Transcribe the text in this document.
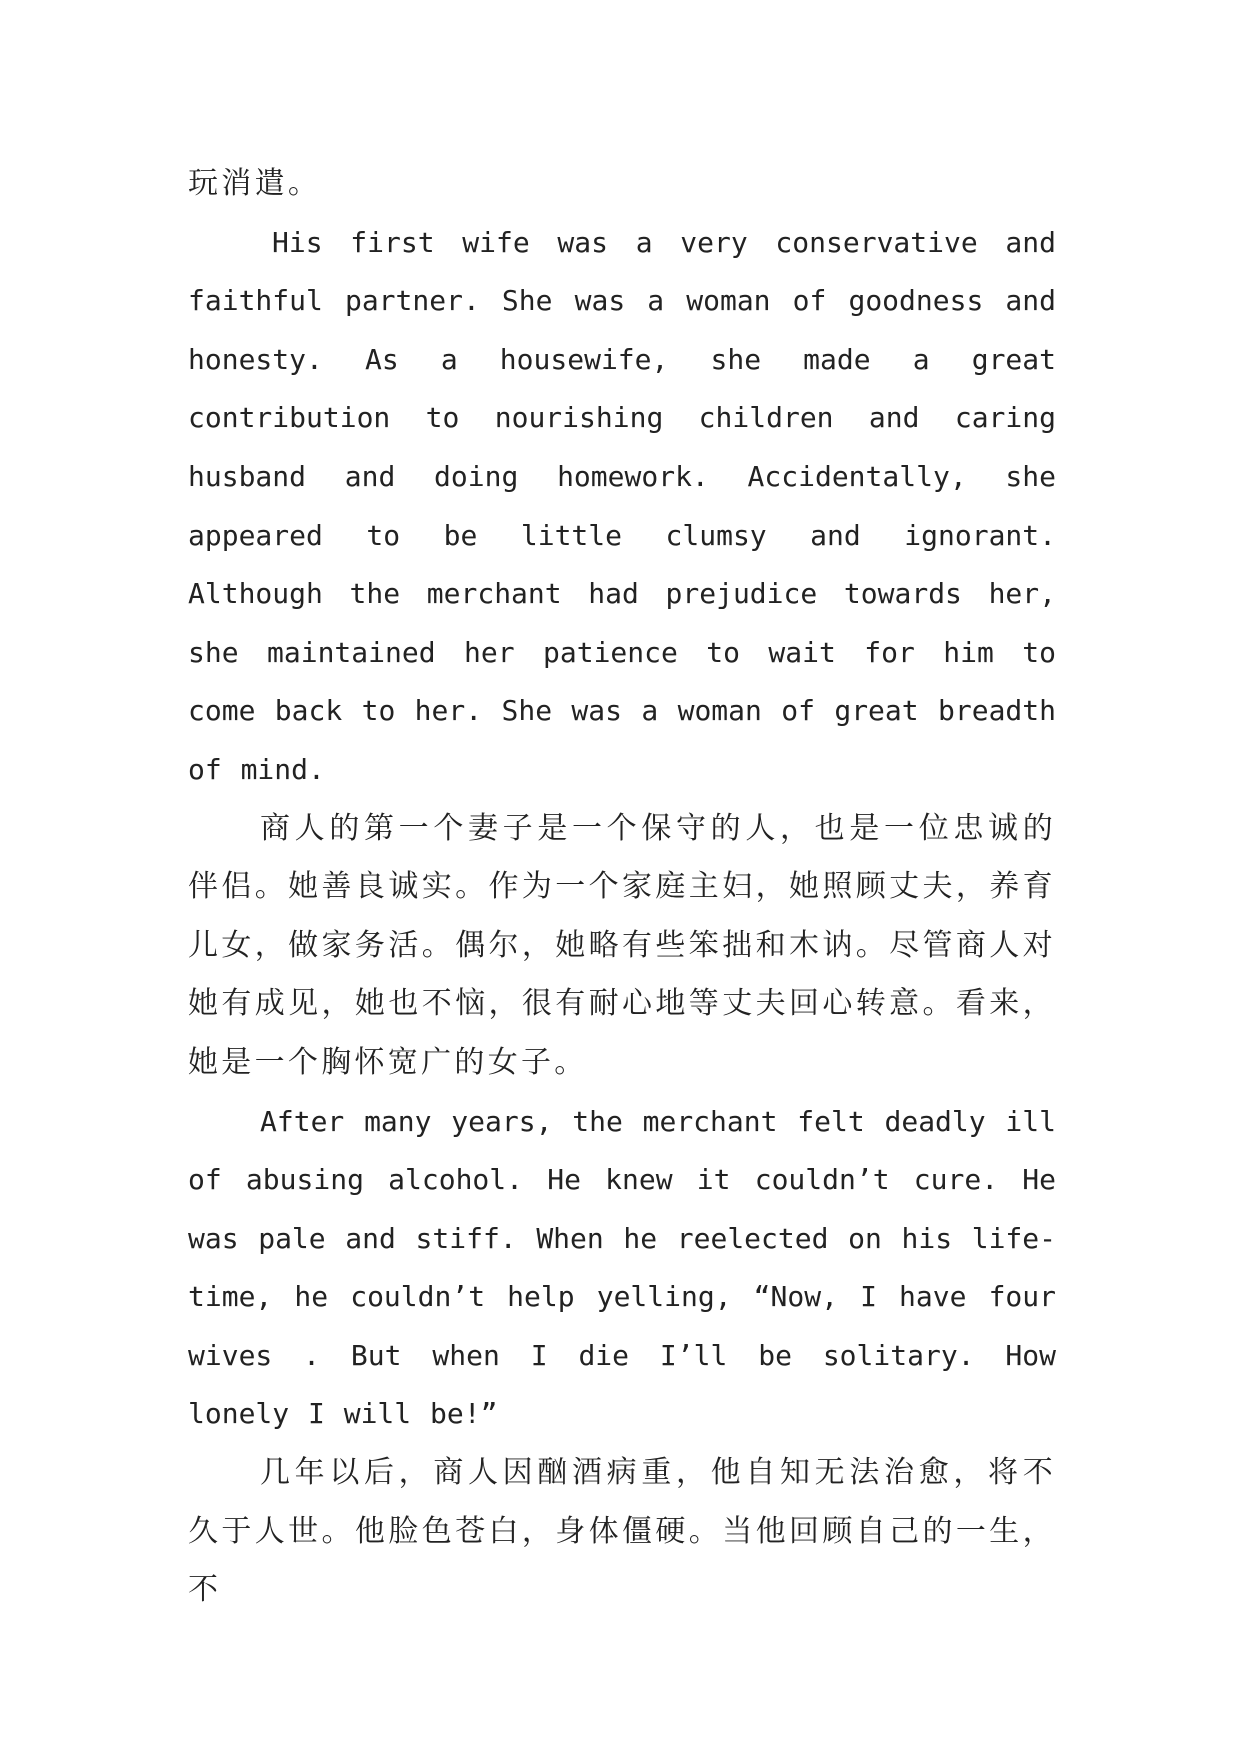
玩消遣。

His first wife was a very conservative and faithful partner. She was a woman of goodness and honesty. As a housewife, she made a great contribution to nourishing children and caring husband and doing homework. Accidentally, she appeared to be little clumsy and ignorant. Although the merchant had prejudice towards her, she maintained her patience to wait for him to come back to her. She was a woman of great breadth of mind.

商人的第一个妻子是一个保守的人，也是一位忠诚的伴侣。她善良诚实。作为一个家庭主妇，她照顾丈夫，养育儿女，做家务活。偶尔，她略有些笨拙和木讷。尽管商人对她有成见，她也不恼，很有耐心地等丈夫回心转意。看来，她是一个胸怀宽广的女子。

After many years, the merchant felt deadly ill of abusing alcohol. He knew it couldn’t cure. He was pale and stiff. When he reelected on his life-time, he couldn’t help yelling, “Now, I have four wives . But when I die I’ll be solitary. How lonely I will be!”

几年以后，商人因酗酒病重，他自知无法治愈，将不久于人世。他脸色苍白，身体僵硬。当他回顾自己的一生，不
